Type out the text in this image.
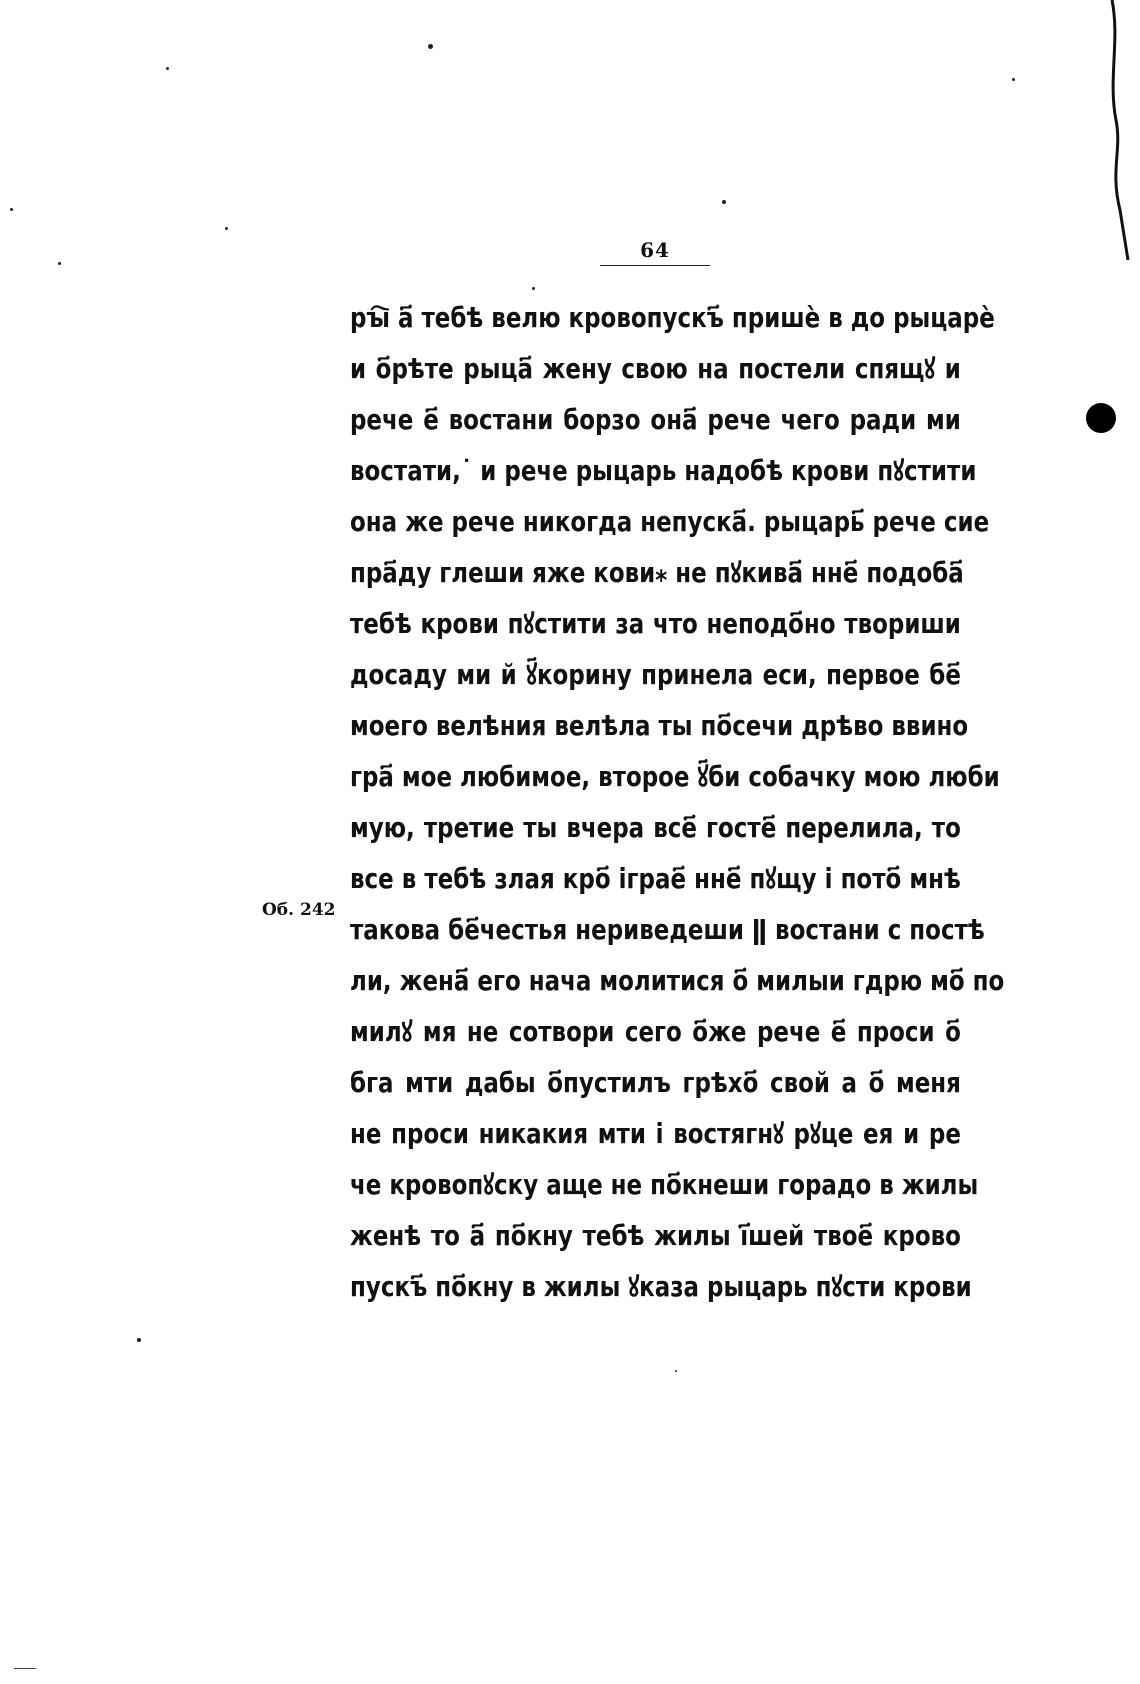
64
Об. 242
рꙑ҇ а҃ тебѣ велю кровопускъ҃ пришѐ в до рыцарѐ
и о҃рѣте рыца҃ жену свою на постели спящꙋ и
рече е҃ востани борзо она҃ рече чего ради ми
востати,˙ и рече рыцарь надобѣ крови пꙋстити
она же рече никогда непуска҃. рыцарь҃ рече сие
пра҃ду глеши яже кови⁎ не пꙋкива҃ нне҃ подоба҃
тебѣ крови пꙋстити за что неподо҃но твориши
досаду ми й ꙋ҃корину принела еси, первое бе҃
моего велѣния велѣла ты по҃сечи дрѣво ввино
гра҃ мое любимое, второе ꙋ҃би собачку мою люби
мую, третие ты вчера все҃ госте҃ перелила, то
все в тебѣ злая кро҃ іграе҃ нне҃ пꙋщу і пото҃ мнѣ
такова бе҃честья нериведеши ǁ востани с постѣ
ли, жена҃ его нача молитися о҃ милыи гдрю мо҃ по
милꙋ мя не сотвори сего о҃же рече е҃ проси о҃
бга мти дабы о҃пустилъ грѣхо҃ свой а о҃ меня
не проси никакия мти і востягнꙋ рꙋце ея и ре
че кровопꙋску аще не по҃кнеши горадо в жилы
женѣ то а҃ по҃кну тебѣ жилы і҃шей твое҃ крово
пускъ҃ по҃кну в жилы ꙋказа рыцарь пꙋсти крови
